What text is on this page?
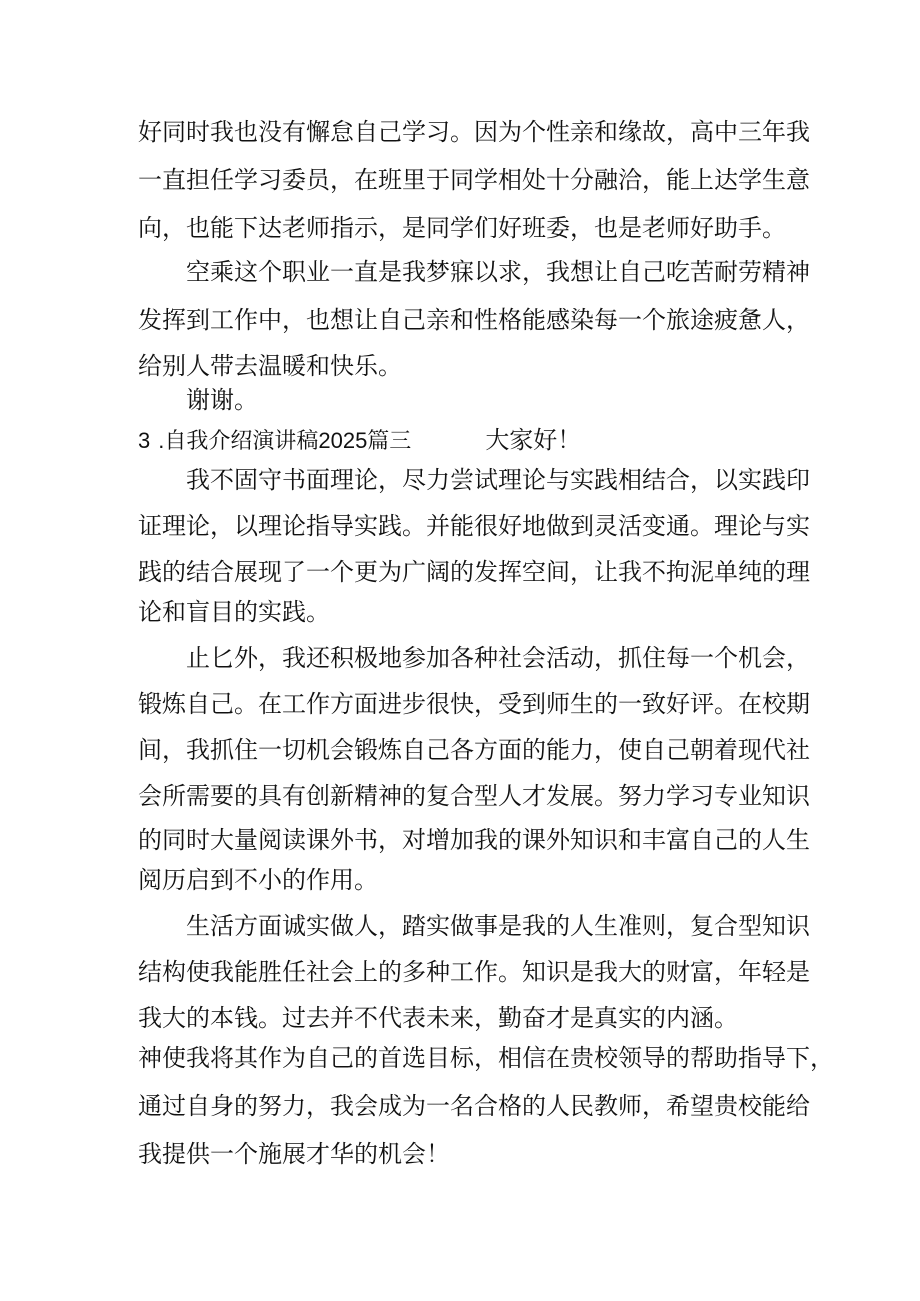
好同时我也没有懈怠自己学习。因为个性亲和缘故，高中三年我
一直担任学习委员，在班里于同学相处十分融洽，能上达学生意
向，也能下达老师指示，是同学们好班委，也是老师好助手。
空乘这个职业一直是我梦寐以求，我想让自己吃苦耐劳精神
发挥到工作中，也想让自己亲和性格能感染每一个旅途疲惫人，
给别人带去温暖和快乐。
谢谢。
3 .自我介绍演讲稿2025篇三	大家好！
我不固守书面理论，尽力尝试理论与实践相结合，以实践印
证理论，以理论指导实践。并能很好地做到灵活变通。理论与实
践的结合展现了一个更为广阔的发挥空间，让我不拘泥单纯的理
论和盲目的实践。
止匕外，我还积极地参加各种社会活动，抓住每一个机会，
锻炼自己。在工作方面进步很快，受到师生的一致好评。在校期
间，我抓住一切机会锻炼自己各方面的能力，使自己朝着现代社
会所需要的具有创新精神的复合型人才发展。努力学习专业知识
的同时大量阅读课外书，对增加我的课外知识和丰富自己的人生
阅历启到不小的作用。
生活方面诚实做人，踏实做事是我的人生准则，复合型知识
结构使我能胜任社会上的多种工作。知识是我大的财富，年轻是
我大的本钱。过去并不代表未来，勤奋才是真实的内涵。
神使我将其作为自己的首选目标，相信在贵校领导的帮助指导下，
通过自身的努力，我会成为一名合格的人民教师，希望贵校能给
我提供一个施展才华的机会！
